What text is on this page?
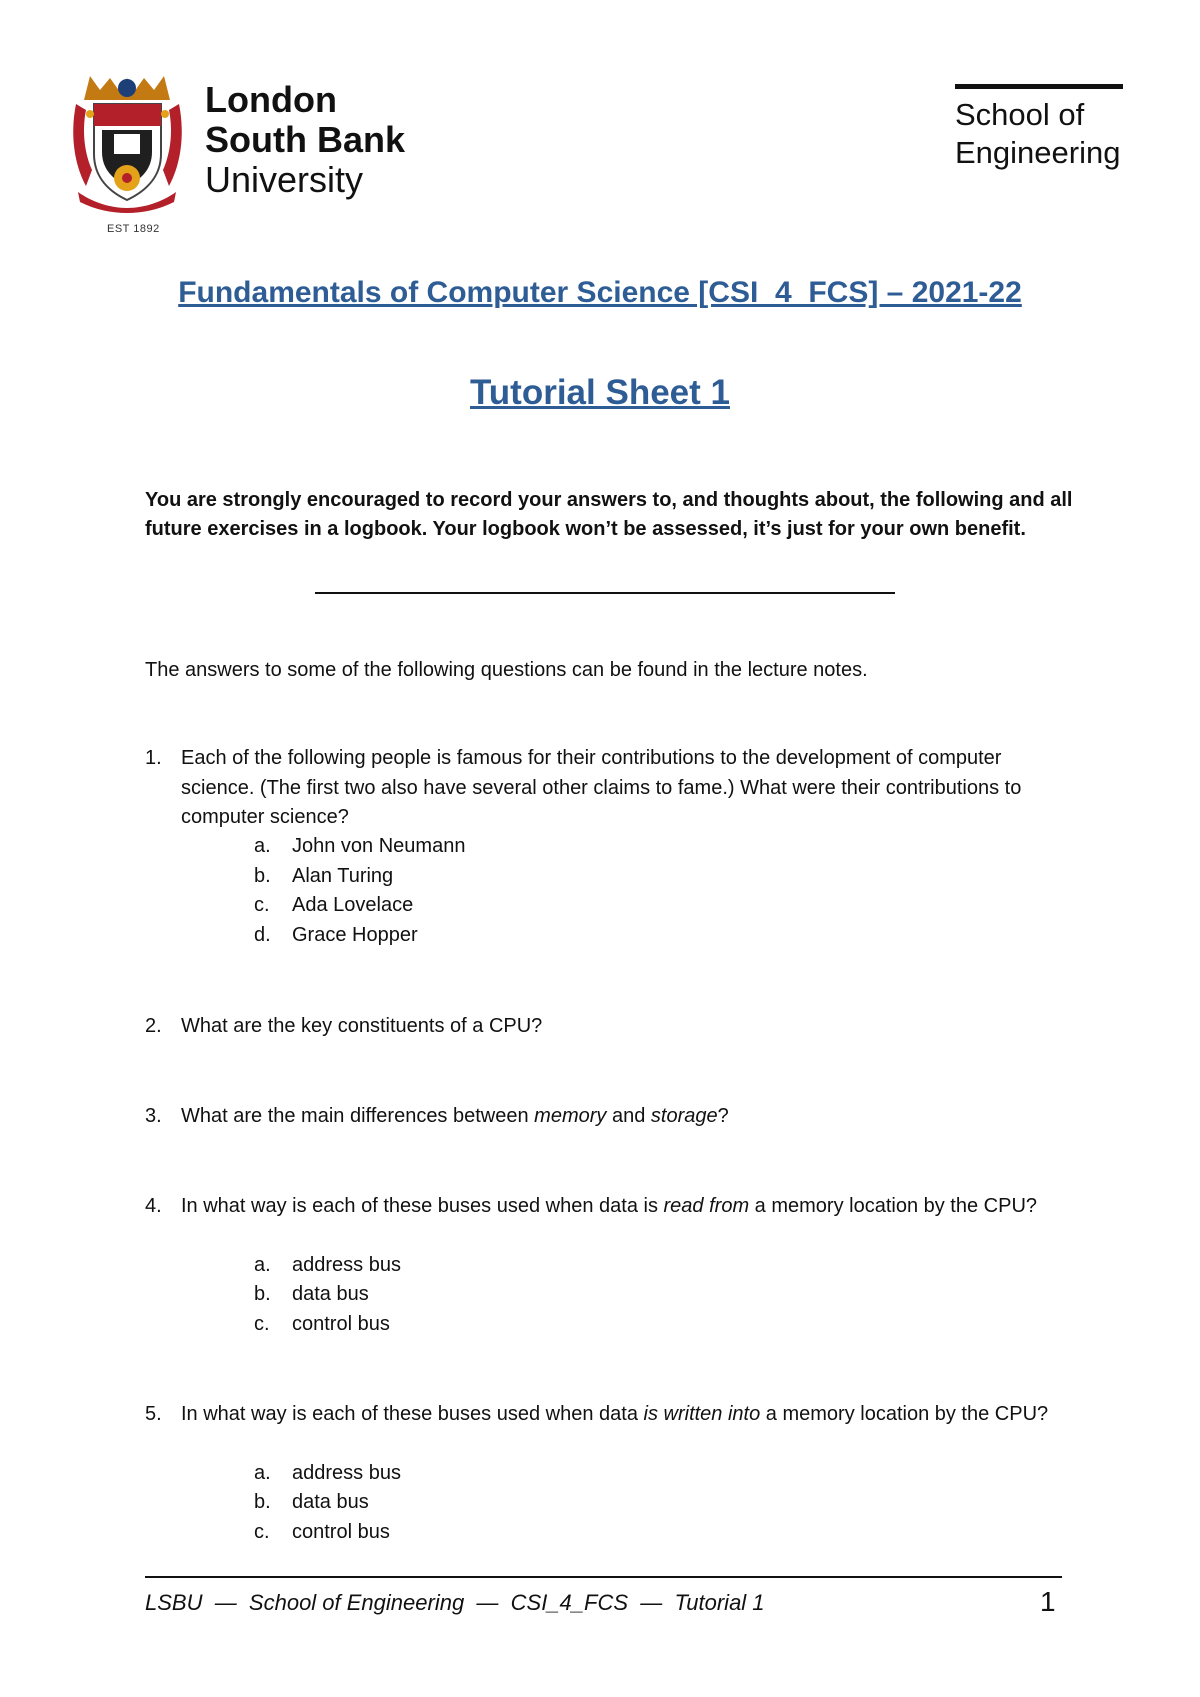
London
South Bank
University
EST 1892
School of
Engineering
Fundamentals of Computer Science [CSI_4_FCS] – 2021-22
Tutorial Sheet 1
You are strongly encouraged to record your answers to, and thoughts about, the following and all future exercises in a logbook. Your logbook won’t be assessed, it’s just for your own benefit.
The answers to some of the following questions can be found in the lecture notes.
1. Each of the following people is famous for their contributions to the development of computer science. (The first two also have several other claims to fame.) What were their contributions to computer science?
a. John von Neumann
b. Alan Turing
c. Ada Lovelace
d. Grace Hopper
2. What are the key constituents of a CPU?
3. What are the main differences between memory and storage?
4. In what way is each of these buses used when data is read from a memory location by the CPU?
a. address bus
b. data bus
c. control bus
5. In what way is each of these buses used when data is written into a memory location by the CPU?
a. address bus
b. data bus
c. control bus
LSBU  —  School of Engineering  —  CSI_4_FCS  —  Tutorial 1	1
